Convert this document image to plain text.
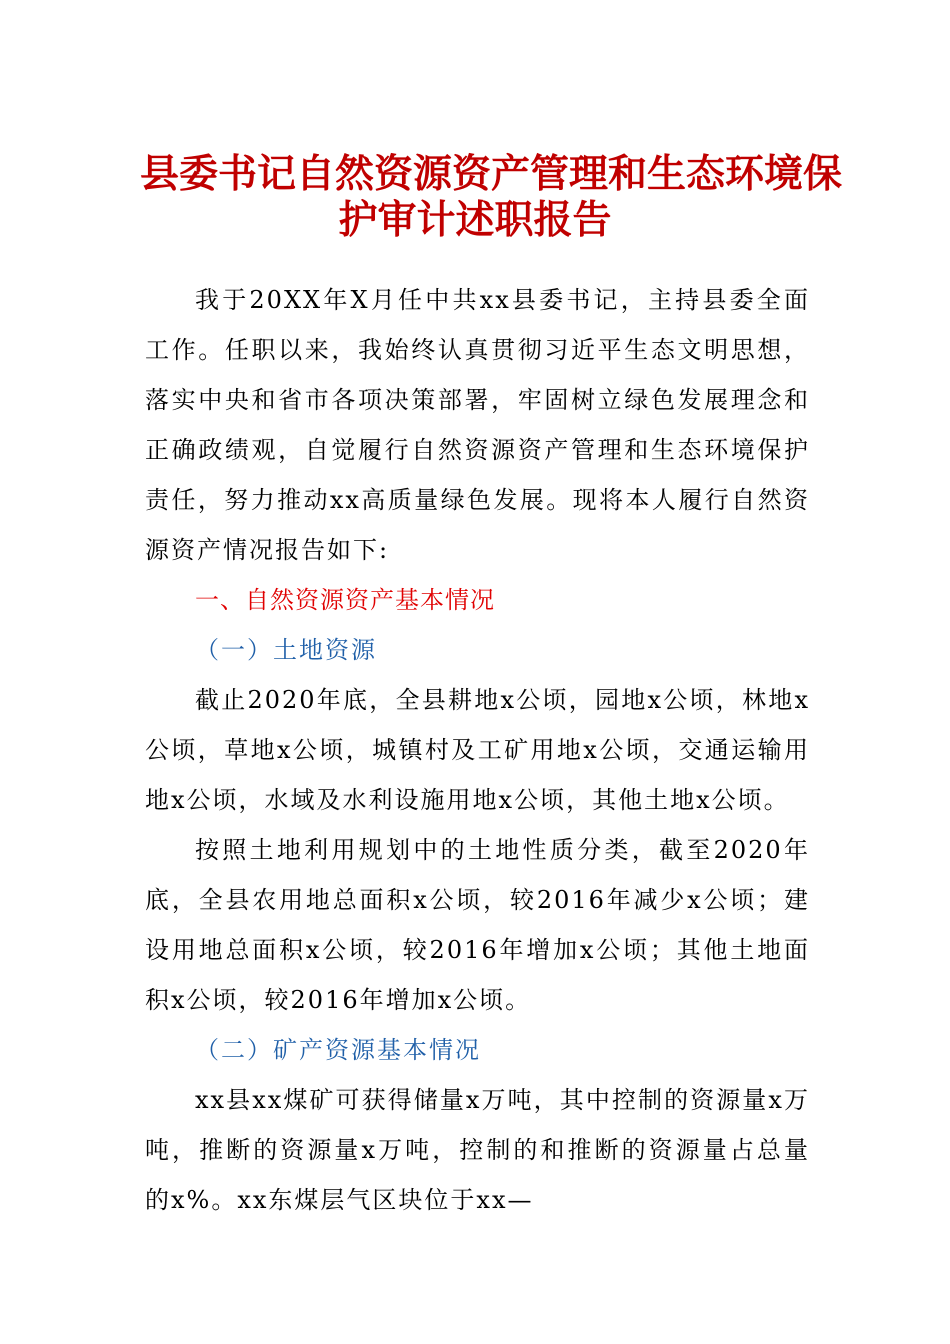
县委书记自然资源资产管理和生态环境保
护审计述职报告

我于20XX年X月任中共xx县委书记，主持县委全面工作。任职以来，我始终认真贯彻习近平生态文明思想，落实中央和省市各项决策部署，牢固树立绿色发展理念和正确政绩观，自觉履行自然资源资产管理和生态环境保护责任，努力推动xx高质量绿色发展。现将本人履行自然资源资产情况报告如下:

一、自然资源资产基本情况

（一）土地资源

截止2020年底，全县耕地x公顷，园地x公顷，林地x公顷，草地x公顷，城镇村及工矿用地x公顷，交通运输用地x公顷，水域及水利设施用地x公顷，其他土地x公顷。

按照土地利用规划中的土地性质分类，截至2020年底，全县农用地总面积x公顷，较2016年减少x公顷；建设用地总面积x公顷，较2016年增加x公顷；其他土地面积x公顷，较2016年增加x公顷。

（二）矿产资源基本情况

xx县xx煤矿可获得储量x万吨，其中控制的资源量x万吨，推断的资源量x万吨，控制的和推断的资源量占总量的x%。xx东煤层气区块位于xx—
